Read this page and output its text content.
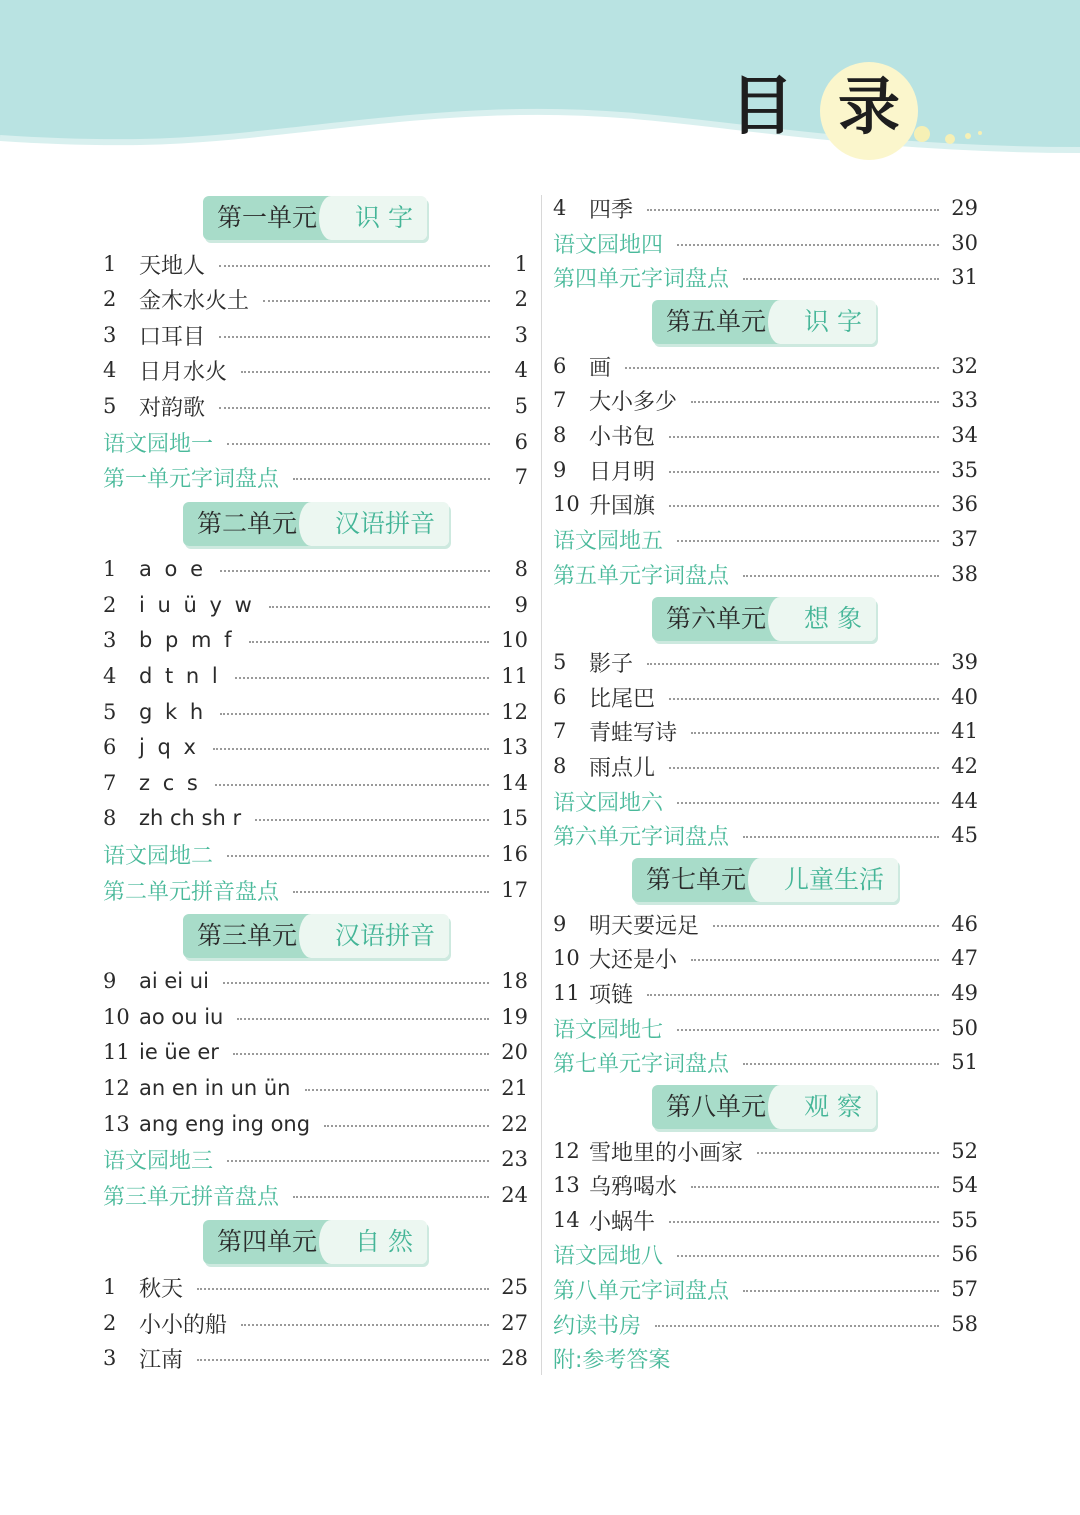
目 录
第一单元	识 字
1	天地人	1
2	金木水火土	2
3	口耳目	3
4	日月水火	4
5	对韵歌	5
语文园地一	6
第一单元字词盘点	7
第二单元	汉语拼音
1	a o e	8
2	i u ü y w	9
3	b p m f	10
4	d t n l	11
5	g k h	12
6	j q x	13
7	z c s	14
8	zh ch sh r	15
语文园地二	16
第二单元拼音盘点	17
第三单元	汉语拼音
9	ai ei ui	18
10 ao ou iu	19
11 ie üe er	20
12 an en in un ün	21
13 ang eng ing ong	22
语文园地三	23
第三单元拼音盘点	24
第四单元	自 然
1	秋天	25
2	小小的船	27
3	江南	28
4	四季	29
语文园地四	30
第四单元字词盘点	31
第五单元	识 字
6	画	32
7	大小多少	33
8	小书包	34
9	日月明	35
10 升国旗	36
语文园地五	37
第五单元字词盘点	38
第六单元	想 象
5	影子	39
6	比尾巴	40
7	青蛙写诗	41
8	雨点儿	42
语文园地六	44
第六单元字词盘点	45
第七单元	儿童生活
9	明天要远足	46
10 大还是小	47
11 项链	49
语文园地七	50
第七单元字词盘点	51
第八单元	观 察
12 雪地里的小画家	52
13 乌鸦喝水	54
14 小蜗牛	55
语文园地八	56
第八单元字词盘点	57
约读书房	58
附:参考答案
